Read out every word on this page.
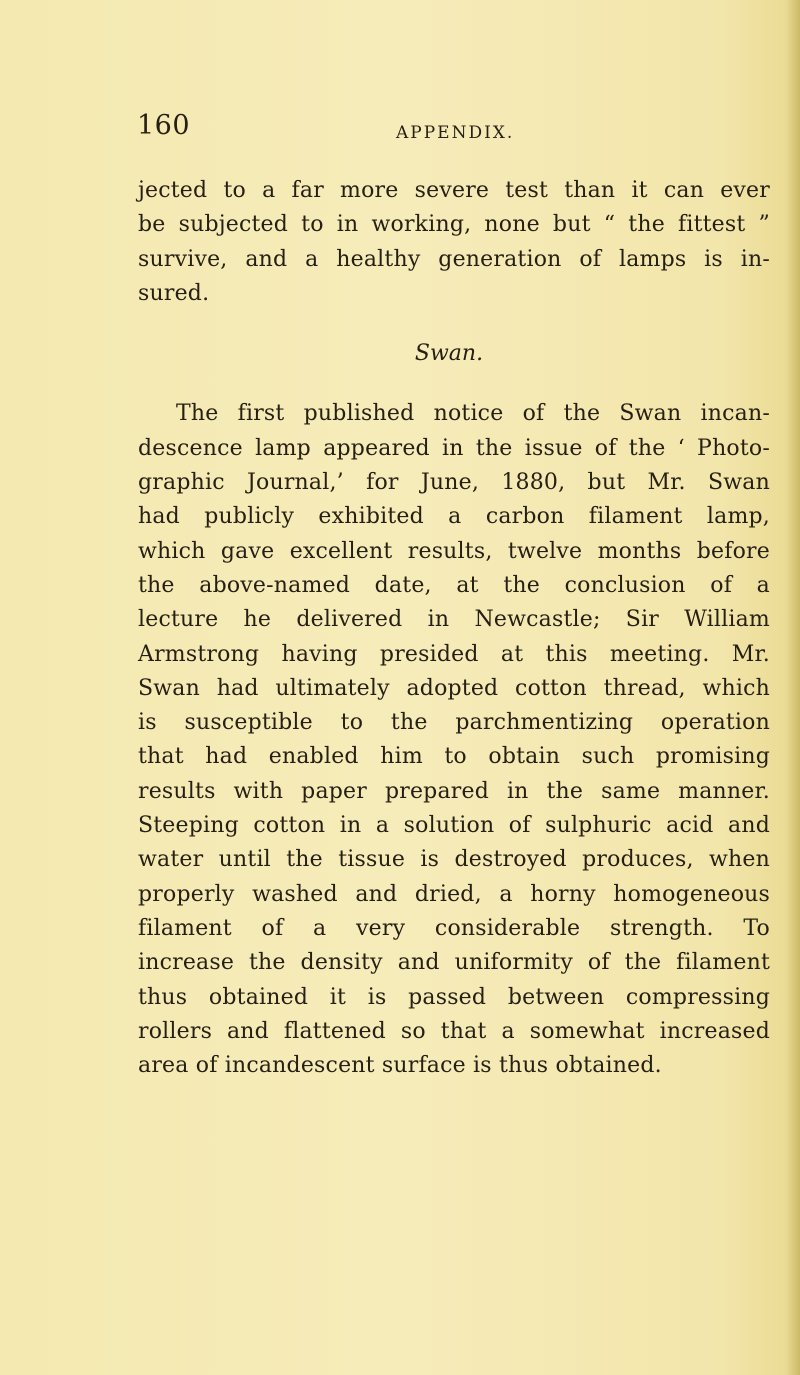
160	APPENDIX.
jected to a far more severe test than it can ever
be subjected to in working, none but “ the fittest ”
survive, and a healthy generation of lamps is in-
sured.
Swan.
The first published notice of the Swan incan-
descence lamp appeared in the issue of the ‘ Photo-
graphic Journal,’ for June, 1880, but Mr. Swan
had publicly exhibited a carbon filament lamp,
which gave excellent results, twelve months before
the above-named date, at the conclusion of a
lecture he delivered in Newcastle; Sir William
Armstrong having presided at this meeting. Mr.
Swan had ultimately adopted cotton thread, which
is susceptible to the parchmentizing operation
that had enabled him to obtain such promising
results with paper prepared in the same manner.
Steeping cotton in a solution of sulphuric acid and
water until the tissue is destroyed produces, when
properly washed and dried, a horny homogeneous
filament of a very considerable strength. To
increase the density and uniformity of the filament
thus obtained it is passed between compressing
rollers and flattened so that a somewhat increased
area of incandescent surface is thus obtained.
